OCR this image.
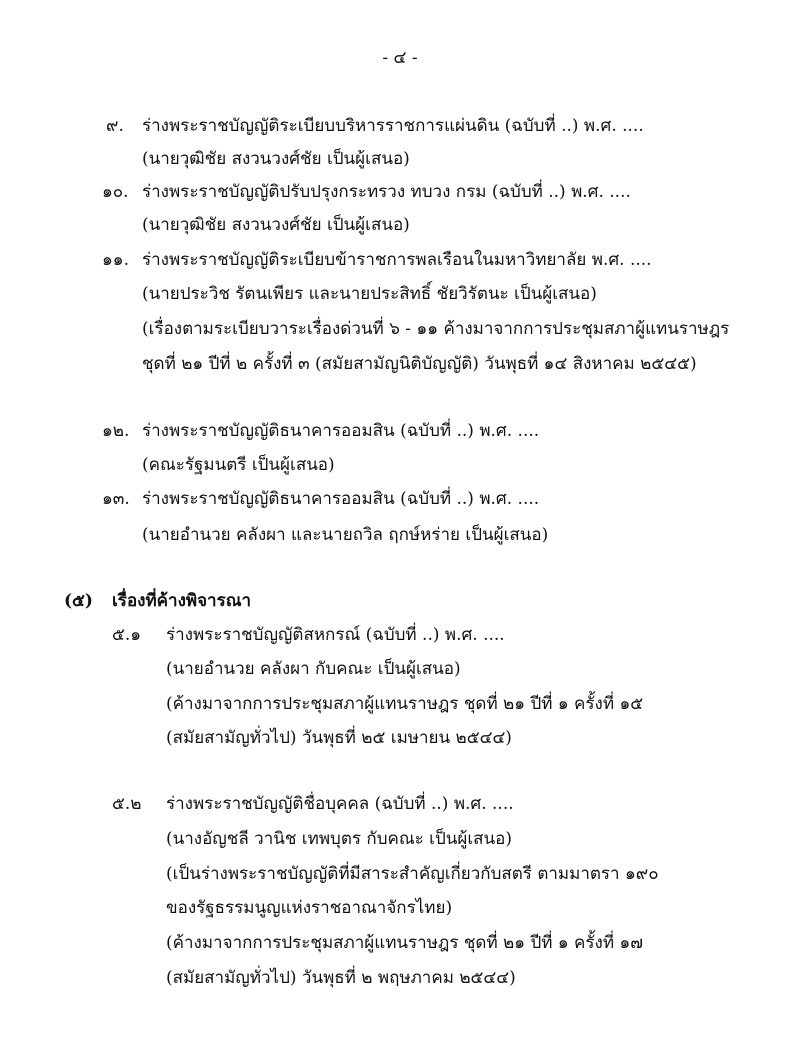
- ๔ -
๙. ร่างพระราชบัญญัติระเบียบบริหารราชการแผ่นดิน (ฉบับที่ ..) พ.ศ. ....
(นายวุฒิชัย สงวนวงศ์ชัย เป็นผู้เสนอ)
๑๐. ร่างพระราชบัญญัติปรับปรุงกระทรวง ทบวง กรม (ฉบับที่ ..) พ.ศ. ....
(นายวุฒิชัย สงวนวงศ์ชัย เป็นผู้เสนอ)
๑๑. ร่างพระราชบัญญัติระเบียบข้าราชการพลเรือนในมหาวิทยาลัย พ.ศ. ....
(นายประวิช รัตนเพียร และนายประสิทธิ์ ชัยวิรัตนะ เป็นผู้เสนอ)
(เรื่องตามระเบียบวาระเรื่องด่วนที่ ๖ - ๑๑ ค้างมาจากการประชุมสภาผู้แทนราษฎร
ชุดที่ ๒๑ ปีที่ ๒ ครั้งที่ ๓ (สมัยสามัญนิติบัญญัติ) วันพุธที่ ๑๔ สิงหาคม ๒๕๔๕)
๑๒. ร่างพระราชบัญญัติธนาคารออมสิน (ฉบับที่ ..) พ.ศ. ....
(คณะรัฐมนตรี เป็นผู้เสนอ)
๑๓. ร่างพระราชบัญญัติธนาคารออมสิน (ฉบับที่ ..) พ.ศ. ....
(นายอำนวย คลังผา และนายถวิล ฤกษ์หร่าย เป็นผู้เสนอ)
(๕) เรื่องที่ค้างพิจารณา
๕.๑ ร่างพระราชบัญญัติสหกรณ์ (ฉบับที่ ..) พ.ศ. ....
(นายอำนวย คลังผา กับคณะ เป็นผู้เสนอ)
(ค้างมาจากการประชุมสภาผู้แทนราษฎร ชุดที่ ๒๑ ปีที่ ๑ ครั้งที่ ๑๕
(สมัยสามัญทั่วไป) วันพุธที่ ๒๕ เมษายน ๒๕๔๔)
๕.๒ ร่างพระราชบัญญัติชื่อบุคคล (ฉบับที่ ..) พ.ศ. ....
(นางอัญชลี วานิช เทพบุตร กับคณะ เป็นผู้เสนอ)
(เป็นร่างพระราชบัญญัติที่มีสาระสำคัญเกี่ยวกับสตรี ตามมาตรา ๑๙๐
ของรัฐธรรมนูญแห่งราชอาณาจักรไทย)
(ค้างมาจากการประชุมสภาผู้แทนราษฎร ชุดที่ ๒๑ ปีที่ ๑ ครั้งที่ ๑๗
(สมัยสามัญทั่วไป) วันพุธที่ ๒ พฤษภาคม ๒๕๔๔)
